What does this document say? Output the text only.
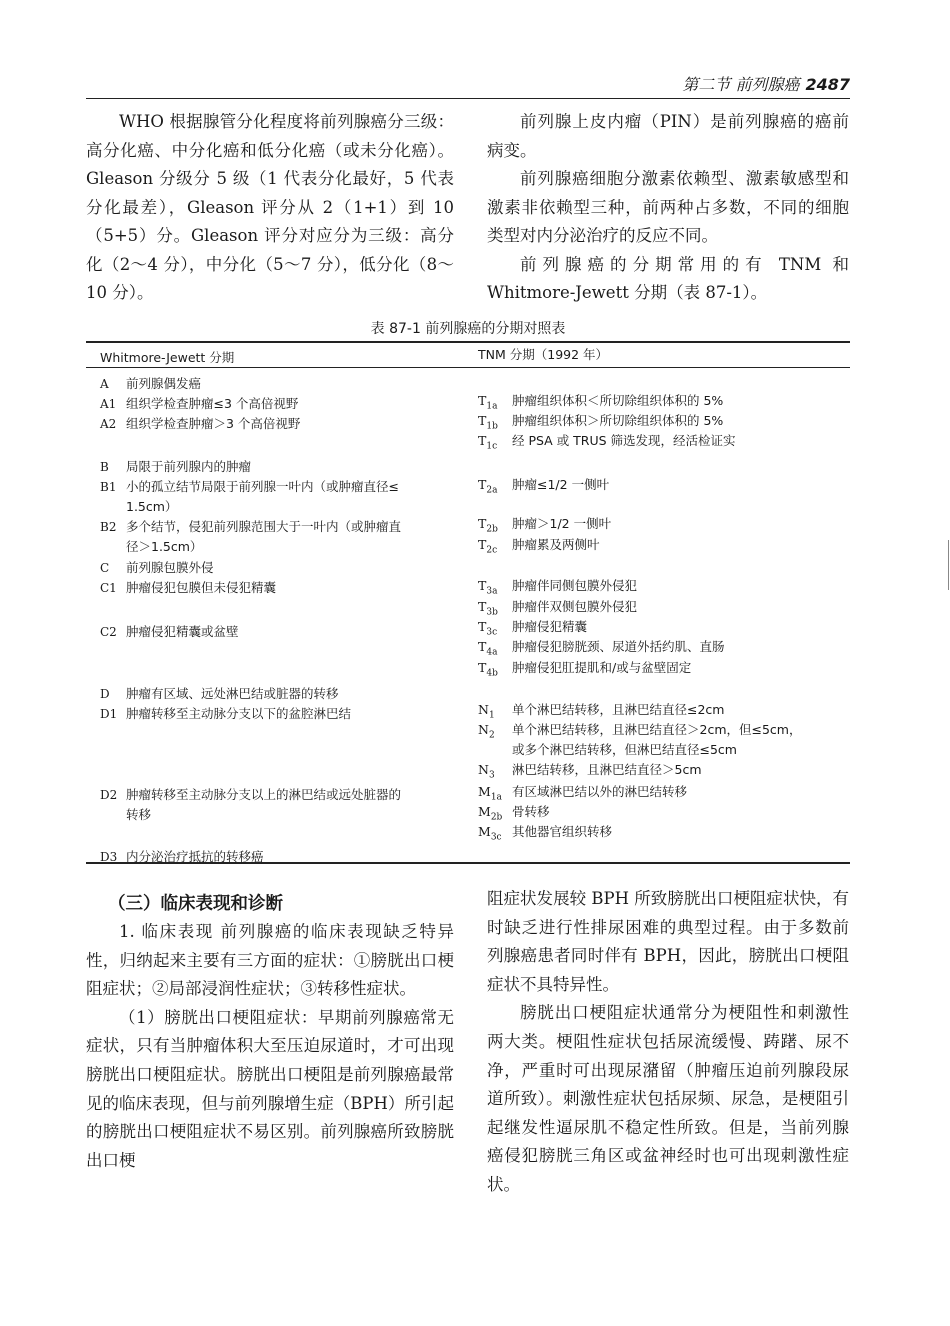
第二节 前列腺癌 2487

WHO 根据腺管分化程度将前列腺癌分三级：高分化癌、中分化癌和低分化癌（或未分化癌）。Gleason 分级分 5 级（1 代表分化最好，5 代表分化最差），Gleason 评分从 2（1+1）到 10（5+5）分。Gleason 评分对应分为三级：高分化（2～4 分），中分化（5～7 分），低分化（8～10 分）。

前列腺上皮内瘤（PIN）是前列腺癌的癌前病变。

前列腺癌细胞分激素依赖型、激素敏感型和激素非依赖型三种，前两种占多数，不同的细胞类型对内分泌治疗的反应不同。

前列腺癌的分期常用的有 TNM 和 Whitmore-Jewett 分期（表 87-1）。

表 87-1 前列腺癌的分期对照表
Whitmore-Jewett 分期	TNM 分期（1992 年）
A 前列腺偶发癌
A1 组织学检查肿瘤≤3 个高倍视野
A2 组织学检查肿瘤＞3 个高倍视野
B 局限于前列腺内的肿瘤
B1 小的孤立结节局限于前列腺一叶内（或肿瘤直径≤
1.5cm）
B2 多个结节，侵犯前列腺范围大于一叶内（或肿瘤直
径＞1.5cm）
C 前列腺包膜外侵
C1 肿瘤侵犯包膜但未侵犯精囊
C2 肿瘤侵犯精囊或盆壁
D 肿瘤有区域、远处淋巴结或脏器的转移
D1 肿瘤转移至主动脉分支以下的盆腔淋巴结
D2 肿瘤转移至主动脉分支以上的淋巴结或远处脏器的
转移
D3 内分泌治疗抵抗的转移癌
$T_{1a}$ 肿瘤组织体积＜所切除组织体积的 5%
$T_{1b}$ 肿瘤组织体积＞所切除组织体积的 5%
$T_{1c}$ 经 PSA 或 TRUS 筛选发现，经活检证实
$T_{2a}$ 肿瘤≤1/2 一侧叶
$T_{2b}$ 肿瘤＞1/2 一侧叶
$T_{2c}$ 肿瘤累及两侧叶
$T_{3a}$ 肿瘤伴同侧包膜外侵犯
$T_{3b}$ 肿瘤伴双侧包膜外侵犯
$T_{3c}$ 肿瘤侵犯精囊
$T_{4a}$ 肿瘤侵犯膀胱颈、尿道外括约肌、直肠
$T_{4b}$ 肿瘤侵犯肛提肌和/或与盆壁固定
$N_1$ 单个淋巴结转移，且淋巴结直径≤2cm
$N_2$ 单个淋巴结转移，且淋巴结直径＞2cm，但≤5cm，
或多个淋巴结转移，但淋巴结直径≤5cm
$N_3$ 淋巴结转移，且淋巴结直径＞5cm
$M_{1a}$ 有区域淋巴结以外的淋巴结转移
$M_{2b}$ 骨转移
$M_{3c}$ 其他器官组织转移
（三）临床表现和诊断

1. 临床表现 前列腺癌的临床表现缺乏特异性，归纳起来主要有三方面的症状：①膀胱出口梗阻症状；②局部浸润性症状；③转移性症状。

（1）膀胱出口梗阻症状：早期前列腺癌常无症状，只有当肿瘤体积大至压迫尿道时，才可出现膀胱出口梗阻症状。膀胱出口梗阻是前列腺癌最常见的临床表现，但与前列腺增生症（BPH）所引起的膀胱出口梗阻症状不易区别。前列腺癌所致膀胱出口梗

阻症状发展较 BPH 所致膀胱出口梗阻症状快，有时缺乏进行性排尿困难的典型过程。由于多数前列腺癌患者同时伴有 BPH，因此，膀胱出口梗阻症状不具特异性。

膀胱出口梗阻症状通常分为梗阻性和刺激性两大类。梗阻性症状包括尿流缓慢、踌躇、尿不净，严重时可出现尿潴留（肿瘤压迫前列腺段尿道所致）。刺激性症状包括尿频、尿急，是梗阻引起继发性逼尿肌不稳定性所致。但是，当前列腺癌侵犯膀胱三角区或盆神经时也可出现刺激性症状。
